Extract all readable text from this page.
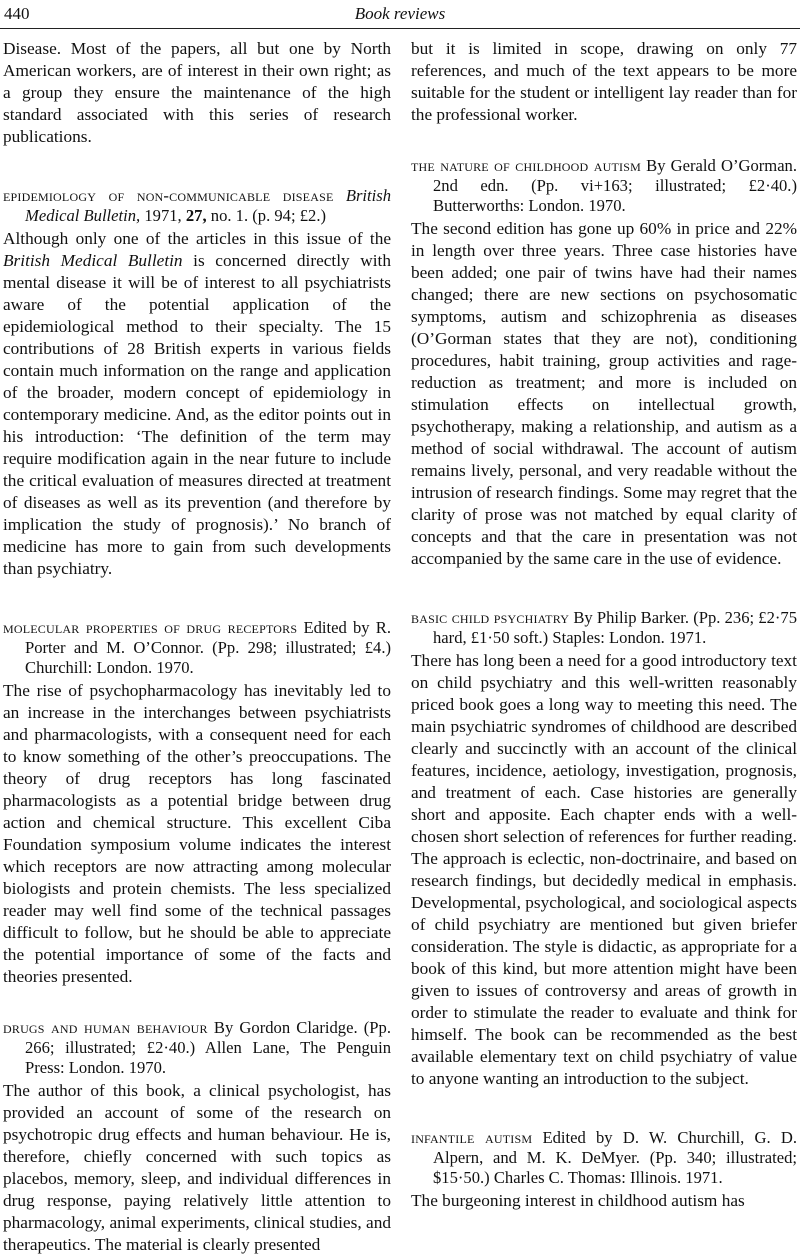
440	Book reviews

Disease. Most of the papers, all but one by North American workers, are of interest in their own right; as a group they ensure the maintenance of the high standard associated with this series of research publications.

epidemiology of non-communicable disease British Medical Bulletin, 1971, 27, no. 1. (p. 94; £2.)

Although only one of the articles in this issue of the British Medical Bulletin is concerned directly with mental disease it will be of interest to all psychiatrists aware of the potential application of the epidemiological method to their specialty. The 15 contributions of 28 British experts in various fields contain much information on the range and application of the broader, modern concept of epidemiology in contemporary medicine. And, as the editor points out in his introduction: ‘The definition of the term may require modification again in the near future to include the critical evaluation of measures directed at treatment of diseases as well as its prevention (and therefore by implication the study of prognosis).’ No branch of medicine has more to gain from such developments than psychiatry.

molecular properties of drug receptors Edited by R. Porter and M. O’Connor. (Pp. 298; illustrated; £4.) Churchill: London. 1970.

The rise of psychopharmacology has inevitably led to an increase in the interchanges between psychiatrists and pharmacologists, with a consequent need for each to know something of the other’s preoccupations. The theory of drug receptors has long fascinated pharmacologists as a potential bridge between drug action and chemical structure. This excellent Ciba Foundation symposium volume indicates the interest which receptors are now attracting among molecular biologists and protein chemists. The less specialized reader may well find some of the technical passages difficult to follow, but he should be able to appreciate the potential importance of some of the facts and theories presented.

drugs and human behaviour By Gordon Claridge. (Pp. 266; illustrated; £2·40.) Allen Lane, The Penguin Press: London. 1970.

The author of this book, a clinical psychologist, has provided an account of some of the research on psychotropic drug effects and human behaviour. He is, therefore, chiefly concerned with such topics as placebos, memory, sleep, and individual differences in drug response, paying relatively little attention to pharmacology, animal experiments, clinical studies, and therapeutics. The material is clearly presented

but it is limited in scope, drawing on only 77 references, and much of the text appears to be more suitable for the student or intelligent lay reader than for the professional worker.

the nature of childhood autism By Gerald O’Gorman. 2nd edn. (Pp. vi+163; illustrated; £2·40.) Butterworths: London. 1970.

The second edition has gone up 60% in price and 22% in length over three years. Three case histories have been added; one pair of twins have had their names changed; there are new sections on psychosomatic symptoms, autism and schizophrenia as diseases (O’Gorman states that they are not), conditioning procedures, habit training, group activities and rage-reduction as treatment; and more is included on stimulation effects on intellectual growth, psychotherapy, making a relationship, and autism as a method of social withdrawal. The account of autism remains lively, personal, and very readable without the intrusion of research findings. Some may regret that the clarity of prose was not matched by equal clarity of concepts and that the care in presentation was not accompanied by the same care in the use of evidence.

basic child psychiatry By Philip Barker. (Pp. 236; £2·75 hard, £1·50 soft.) Staples: London. 1971.

There has long been a need for a good introductory text on child psychiatry and this well-written reasonably priced book goes a long way to meeting this need. The main psychiatric syndromes of childhood are described clearly and succinctly with an account of the clinical features, incidence, aetiology, investigation, prognosis, and treatment of each. Case histories are generally short and apposite. Each chapter ends with a well-chosen short selection of references for further reading. The approach is eclectic, non-doctrinaire, and based on research findings, but decidedly medical in emphasis. Developmental, psychological, and sociological aspects of child psychiatry are mentioned but given briefer consideration. The style is didactic, as appropriate for a book of this kind, but more attention might have been given to issues of controversy and areas of growth in order to stimulate the reader to evaluate and think for himself. The book can be recommended as the best available elementary text on child psychiatry of value to anyone wanting an introduction to the subject.

infantile autism Edited by D. W. Churchill, G. D. Alpern, and M. K. DeMyer. (Pp. 340; illustrated; $15·50.) Charles C. Thomas: Illinois. 1971.

The burgeoning interest in childhood autism has
